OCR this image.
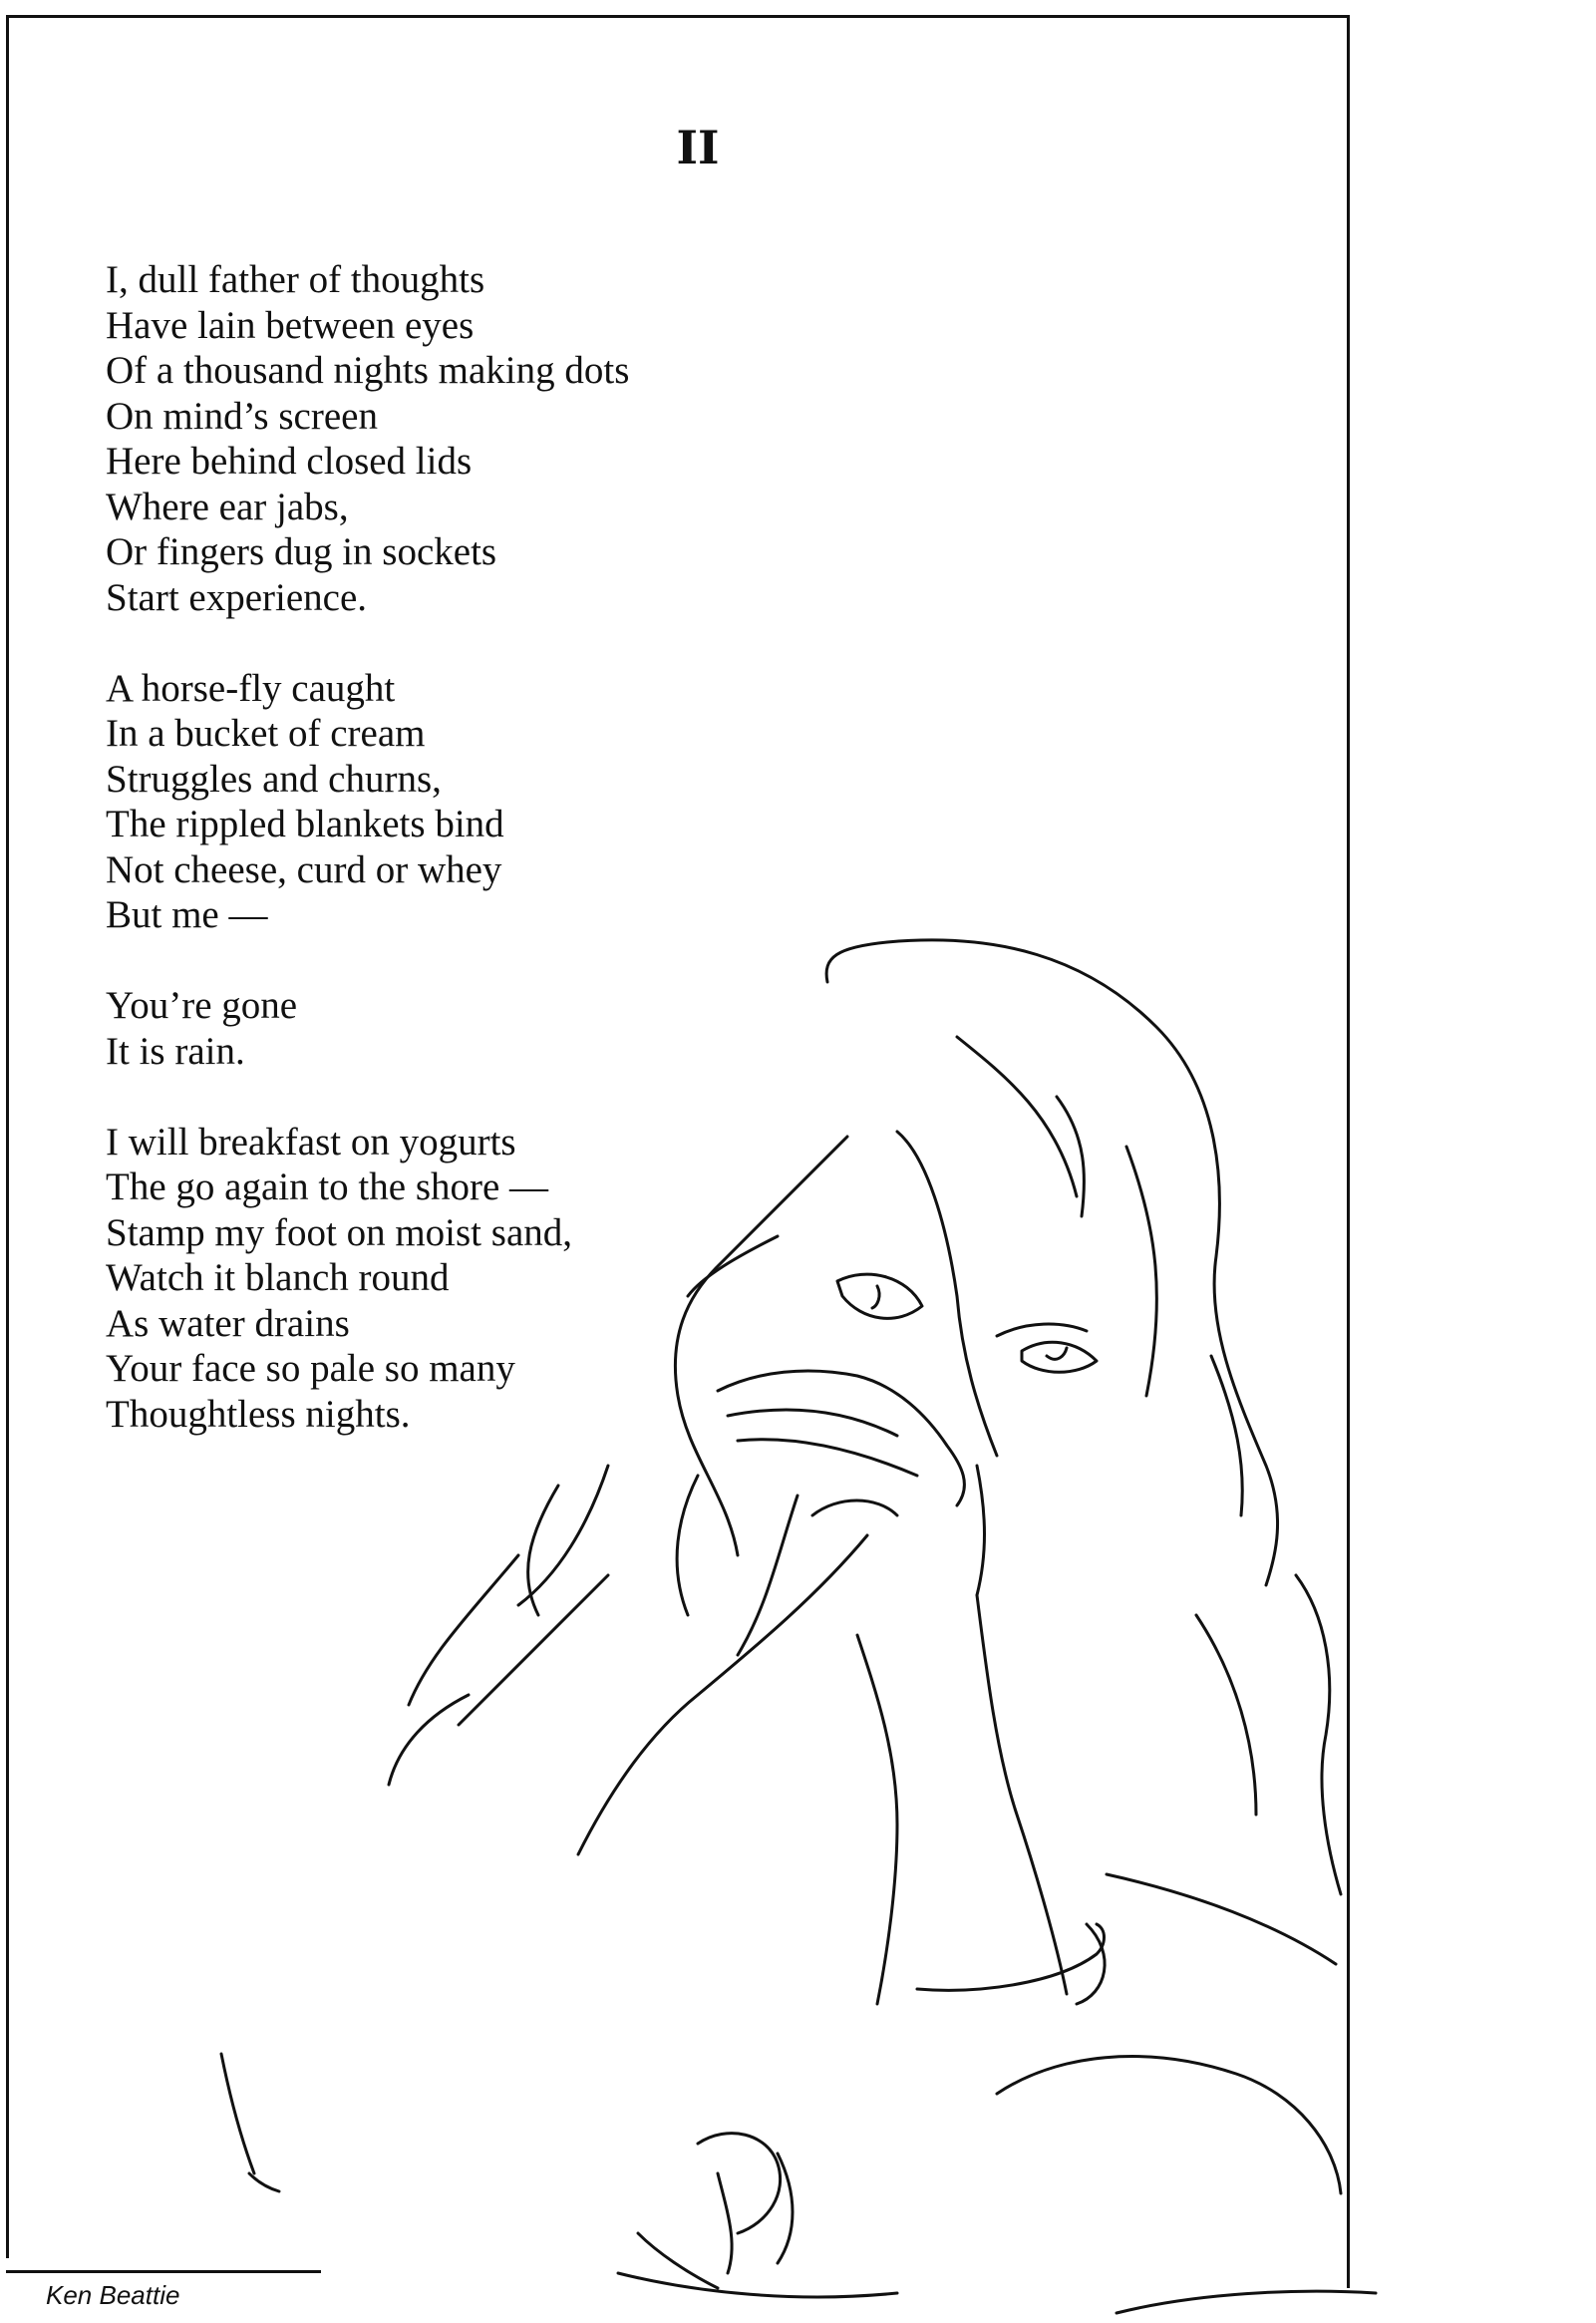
II

I, dull father of thoughts
Have lain between eyes
Of a thousand nights making dots
On mind’s screen
Here behind closed lids
Where ear jabs,
Or fingers dug in sockets
Start experience.

A horse-fly caught
In a bucket of cream
Struggles and churns,
The rippled blankets bind
Not cheese, curd or whey
But me —

You’re gone
It is rain.

I will breakfast on yogurts
The go again to the shore —
Stamp my foot on moist sand,
Watch it blanch round
As water drains
Your face so pale so many
Thoughtless nights.

Ken Beattie
